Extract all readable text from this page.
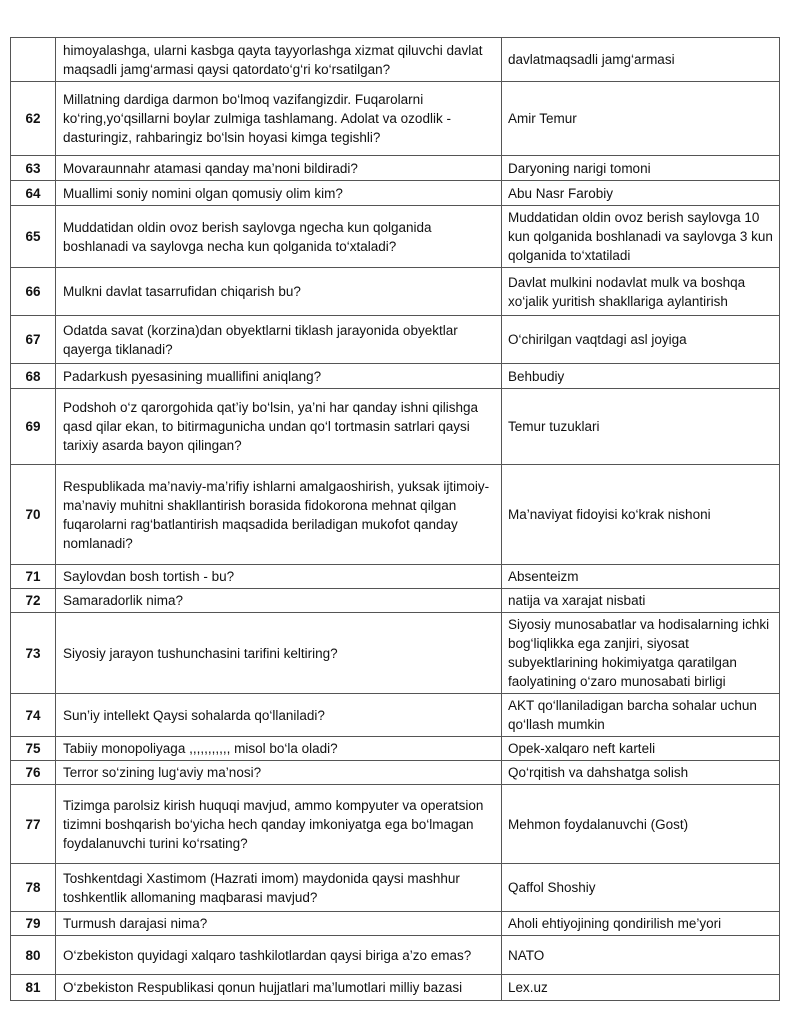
	himoyalashga, ularni kasbga qayta tayyorlashga xizmat qiluvchi davlat maqsadli jamg‘armasi qaysi qatordato‘g‘ri ko‘rsatilgan?	davlatmaqsadli jamg‘armasi
62	Millatning dardiga darmon bo‘lmoq vazifangizdir. Fuqarolarni ko‘ring,yo‘qsillarni boylar zulmiga tashlamang. Adolat va ozodlik - dasturingiz, rahbaringiz bo‘lsin hoyasi kimga tegishli?	Amir Temur
63	Movaraunnahr atamasi qanday ma’noni bildiradi?	Daryoning narigi tomoni
64	Muallimi soniy nomini olgan qomusiy olim kim?	Abu Nasr Farobiy
65	Muddatidan oldin ovoz berish saylovga ngecha kun qolganida boshlanadi va saylovga necha kun qolganida to‘xtaladi?	Muddatidan oldin ovoz berish saylovga 10 kun qolganida boshlanadi va saylovga 3 kun qolganida to‘xtatiladi
66	Mulkni davlat tasarrufidan chiqarish bu?	Davlat mulkini nodavlat mulk va boshqa xo‘jalik yuritish shakllariga aylantirish
67	Odatda savat (korzina)dan obyektlarni tiklash jarayonida obyektlar qayerga tiklanadi?	O‘chirilgan vaqtdagi asl joyiga
68	Padarkush pyesasining muallifini aniqlang?	Behbudiy
69	Podshoh o‘z qarorgohida qat’iy bo‘lsin, ya’ni har qanday ishni qilishga qasd qilar ekan, to bitirmagunicha undan qo‘l tortmasin satrlari qaysi tarixiy asarda bayon qilingan?	Temur tuzuklari
70	Respublikada ma’naviy-ma’rifiy ishlarni amalgaoshirish, yuksak ijtimoiy-ma’naviy muhitni shakllantirish borasida fidokorona mehnat qilgan fuqarolarni rag‘batlantirish maqsadida beriladigan mukofot qanday nomlanadi?	Ma’naviyat fidoyisi ko‘krak nishoni
71	Saylovdan bosh tortish - bu?	Absenteizm
72	Samaradorlik nima?	natija va xarajat nisbati
73	Siyosiy jarayon tushunchasini tarifini keltiring?	Siyosiy munosabatlar va hodisalarning ichki bog‘liqlikka ega zanjiri, siyosat subyektlarining hokimiyatga qaratilgan faolyatining o‘zaro munosabati birligi
74	Sun’iy intellekt Qaysi sohalarda qo‘llaniladi?	AKT qo‘llaniladigan barcha sohalar uchun qo‘llash mumkin
75	Tabiiy monopoliyaga ,,,,,,,,,,, misol bo‘la oladi?	Opek-xalqaro neft karteli
76	Terror so‘zining lug‘aviy ma’nosi?	Qo‘rqitish va dahshatga solish
77	Tizimga parolsiz kirish huquqi mavjud, ammo kompyuter va operatsion tizimni boshqarish bo‘yicha hech qanday imkoniyatga ega bo‘lmagan foydalanuvchi turini ko‘rsating?	Mehmon foydalanuvchi (Gost)
78	Toshkentdagi Xastimom (Hazrati imom) maydonida qaysi mashhur toshkentlik allomaning maqbarasi mavjud?	Qaffol Shoshiy
79	Turmush darajasi nima?	Aholi ehtiyojining qondirilish me’yori
80	O‘zbekiston quyidagi xalqaro tashkilotlardan qaysi biriga a’zo emas?	NATO
81	O‘zbekiston Respublikasi qonun hujjatlari ma’lumotlari milliy bazasi	Lex.uz
